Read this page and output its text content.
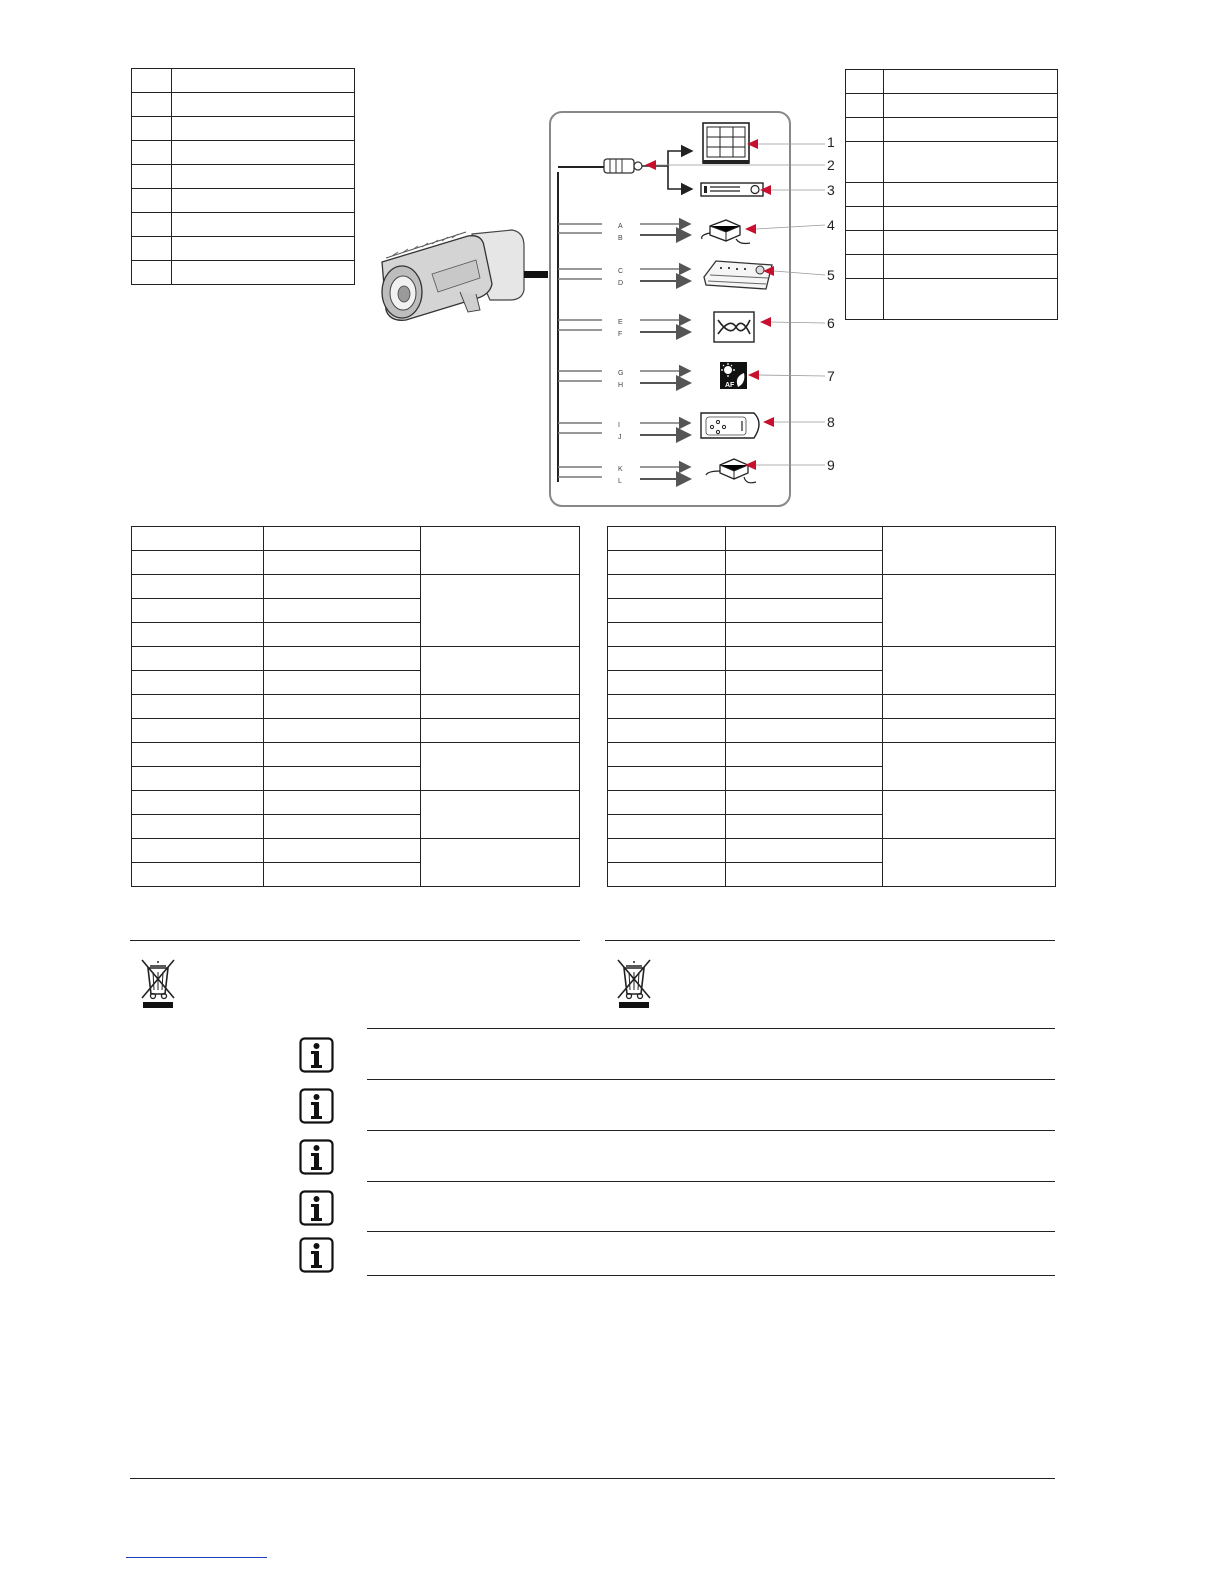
A
B
C
D
E
F
G
H
I
J
K
L
AF
1
2
3
4
5
6
7
8
9
